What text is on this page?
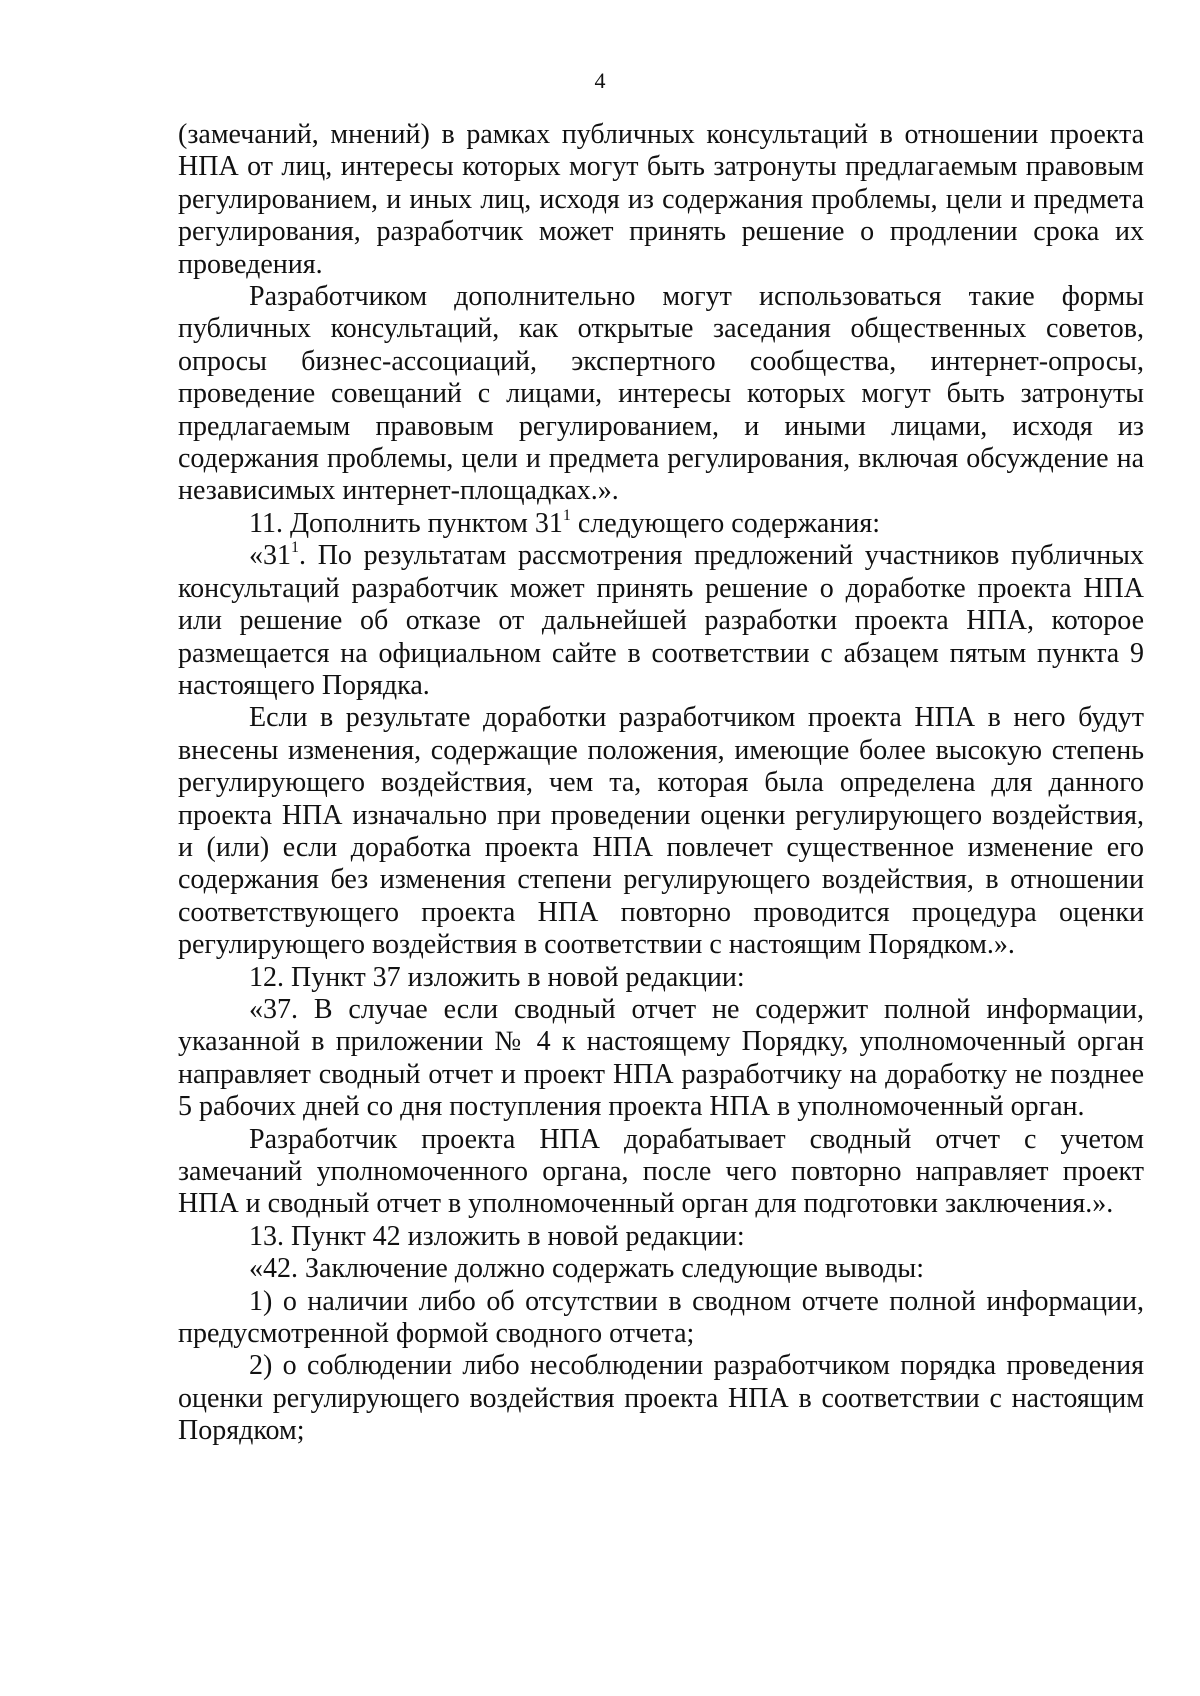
4

(замечаний, мнений) в рамках публичных консультаций в отношении проекта НПА от лиц, интересы которых могут быть затронуты предлагаемым правовым регулированием, и иных лиц, исходя из содержания проблемы, цели и предмета регулирования, разработчик может принять решение о продлении срока их проведения.

Разработчиком дополнительно могут использоваться такие формы публичных консультаций, как открытые заседания общественных советов, опросы бизнес-ассоциаций, экспертного сообщества, интернет-опросы, проведение совещаний с лицами, интересы которых могут быть затронуты предлагаемым правовым регулированием, и иными лицами, исходя из содержания проблемы, цели и предмета регулирования, включая обсуждение на независимых интернет-площадках.».

11. Дополнить пунктом $31^1$ следующего содержания:

«$31^1$. По результатам рассмотрения предложений участников публичных консультаций разработчик может принять решение о доработке проекта НПА или решение об отказе от дальнейшей разработки проекта НПА, которое размещается на официальном сайте в соответствии с абзацем пятым пункта 9 настоящего Порядка.

Если в результате доработки разработчиком проекта НПА в него будут внесены изменения, содержащие положения, имеющие более высокую степень регулирующего воздействия, чем та, которая была определена для данного проекта НПА изначально при проведении оценки регулирующего воздействия, и (или) если доработка проекта НПА повлечет существенное изменение его содержания без изменения степени регулирующего воздействия, в отношении соответствующего проекта НПА повторно проводится процедура оценки регулирующего воздействия в соответствии с настоящим Порядком.».

12. Пункт 37 изложить в новой редакции:

«37. В случае если сводный отчет не содержит полной информации, указанной в приложении № 4 к настоящему Порядку, уполномоченный орган направляет сводный отчет и проект НПА разработчику на доработку не позднее 5 рабочих дней со дня поступления проекта НПА в уполномоченный орган.

Разработчик проекта НПА дорабатывает сводный отчет с учетом замечаний уполномоченного органа, после чего повторно направляет проект НПА и сводный отчет в уполномоченный орган для подготовки заключения.».

13. Пункт 42 изложить в новой редакции:

«42. Заключение должно содержать следующие выводы:

1) о наличии либо об отсутствии в сводном отчете полной информации, предусмотренной формой сводного отчета;

2) о соблюдении либо несоблюдении разработчиком порядка проведения оценки регулирующего воздействия проекта НПА в соответствии с настоящим Порядком;
